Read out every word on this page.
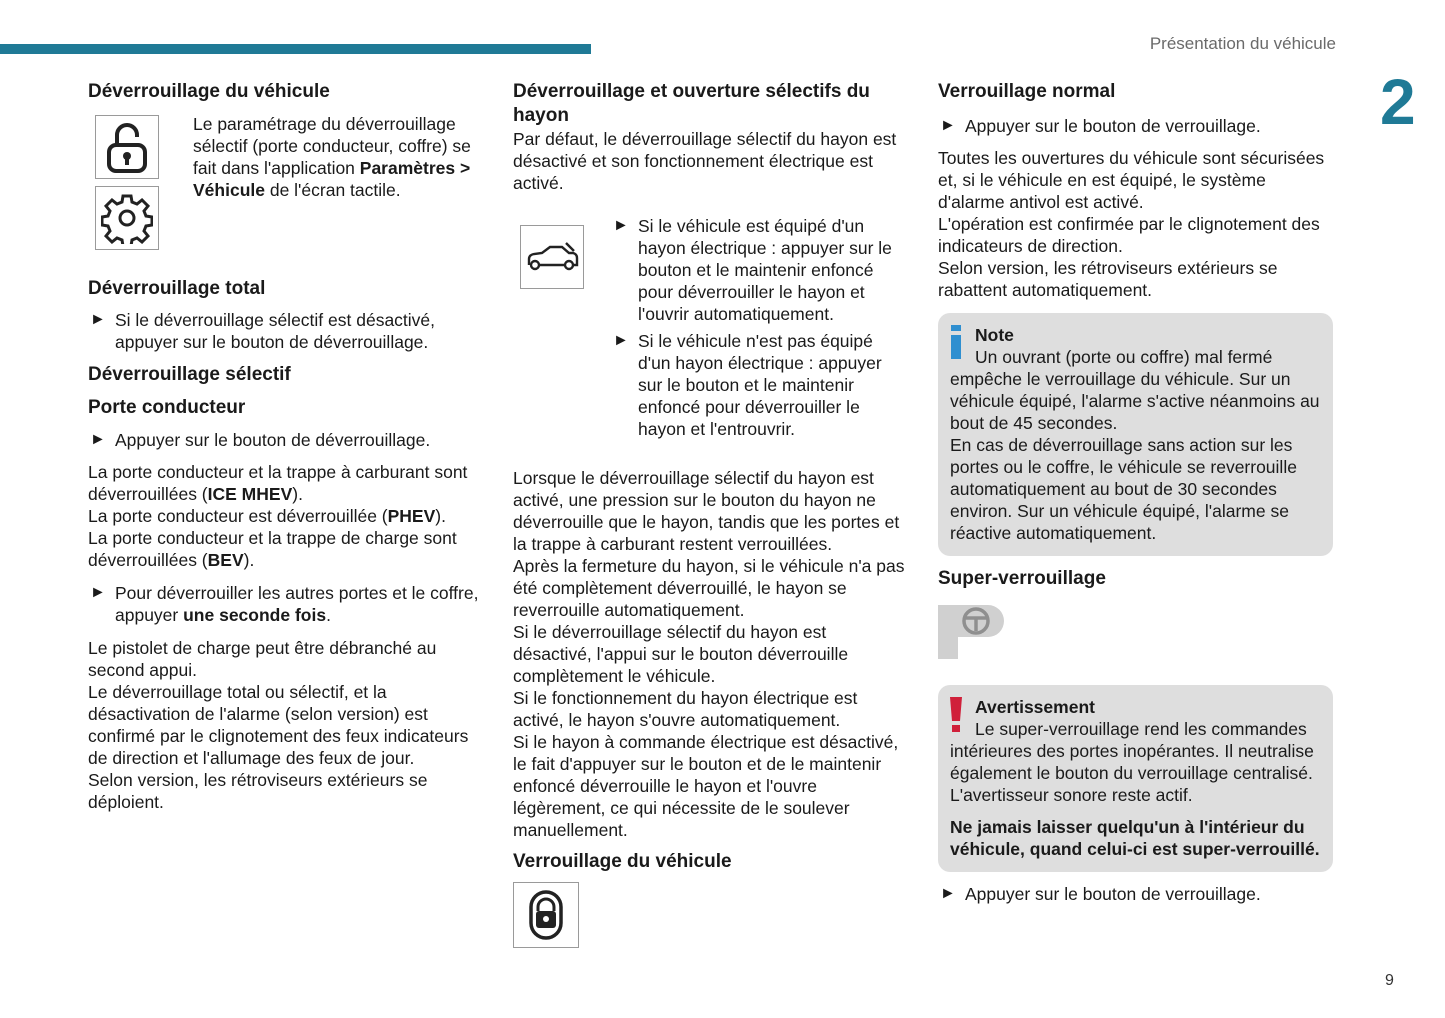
Présentation du véhicule
2
9
Déverrouillage du véhicule

Le paramétrage du déverrouillage sélectif (porte conducteur, coffre) se fait dans l'application Paramètres > Véhicule de l'écran tactile.

Déverrouillage total
► Si le déverrouillage sélectif est désactivé, appuyer sur le bouton de déverrouillage.
Déverrouillage sélectif
Porte conducteur
► Appuyer sur le bouton de déverrouillage.

La porte conducteur et la trappe à carburant sont déverrouillées (ICE MHEV).

La porte conducteur est déverrouillée (PHEV).

La porte conducteur et la trappe de charge sont déverrouillées (BEV).

► Pour déverrouiller les autres portes et le coffre, appuyer une seconde fois.

Le pistolet de charge peut être débranché au second appui.
Le déverrouillage total ou sélectif, et la désactivation de l'alarme (selon version) est confirmé par le clignotement des feux indicateurs de direction et l'allumage des feux de jour.
Selon version, les rétroviseurs extérieurs se déploient.

Déverrouillage et ouverture sélectifs du hayon

Par défaut, le déverrouillage sélectif du hayon est désactivé et son fonctionnement électrique est activé.

► Si le véhicule est équipé d'un hayon électrique : appuyer sur le bouton et le maintenir enfoncé pour déverrouiller le hayon et l'ouvrir automatiquement.
► Si le véhicule n'est pas équipé d'un hayon électrique : appuyer sur le bouton et le maintenir enfoncé pour déverrouiller le hayon et l'entrouvrir.

Lorsque le déverrouillage sélectif du hayon est activé, une pression sur le bouton du hayon ne déverrouille que le hayon, tandis que les portes et la trappe à carburant restent verrouillées.
Après la fermeture du hayon, si le véhicule n'a pas été complètement déverrouillé, le hayon se reverrouille automatiquement.
Si le déverrouillage sélectif du hayon est désactivé, l'appui sur le bouton déverrouille complètement le véhicule.
Si le fonctionnement du hayon électrique est activé, le hayon s'ouvre automatiquement.
Si le hayon à commande électrique est désactivé, le fait d'appuyer sur le bouton et de le maintenir enfoncé déverrouille le hayon et l'ouvre légèrement, ce qui nécessite de le soulever manuellement.

Verrouillage du véhicule
Verrouillage normal
► Appuyer sur le bouton de verrouillage.

Toutes les ouvertures du véhicule sont sécurisées et, si le véhicule en est équipé, le système d'alarme antivol est activé.
L'opération est confirmée par le clignotement des indicateurs de direction.
Selon version, les rétroviseurs extérieurs se rabattent automatiquement.

Note

Un ouvrant (porte ou coffre) mal fermé empêche le verrouillage du véhicule. Sur un véhicule équipé, l'alarme s'active néanmoins au bout de 45 secondes.
En cas de déverrouillage sans action sur les portes ou le coffre, le véhicule se reverrouille automatiquement au bout de 30 secondes environ. Sur un véhicule équipé, l'alarme se réactive automatiquement.

Super-verrouillage
Avertissement

Le super-verrouillage rend les commandes intérieures des portes inopérantes. Il neutralise également le bouton du verrouillage centralisé.
L'avertisseur sonore reste actif.

Ne jamais laisser quelqu'un à l'intérieur du véhicule, quand celui-ci est super-verrouillé.

► Appuyer sur le bouton de verrouillage.
